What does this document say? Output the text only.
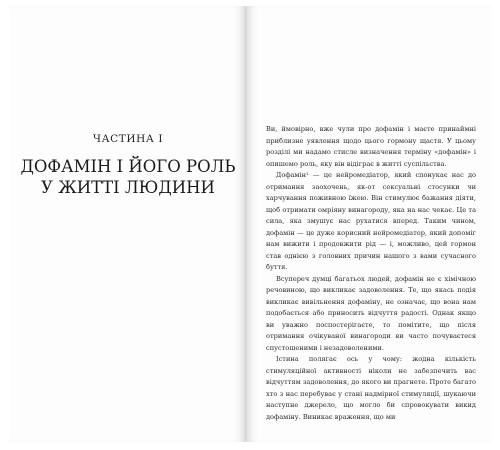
ЧАСТИНА І
ДОФАМІН І ЙОГО РОЛЬ
У ЖИТТІ ЛЮДИНИ

Ви, ймовірно, вже чули про дофамін і маєте принаймні приблизне уявлення щодо цього гормону щастя. У цьому розділі ми надамо стисле визначення терміну «дофамін» і опишемо роль, яку він відіграє в житті суспільства.

Дофамін¹ — це нейромедіатор, який спонукає нас до отримання заохочень, як-от сексуальні стосунки чи харчування поживною їжею. Він стимулює бажання діяти, щоб отримати омріяну винагороду, яка на нас чекає. Це та сила, яка змушує нас рухатися вперед. Таким чином, дофамін — це дуже корисний нейромедіатор, який допоміг нам вижити і продовжити рід — і, можливо, цей гормон став однією з головних причин нашого з вами сучасного буття.

Всупереч думці багатьох людей, дофамін не є хімічною речовиною, що викликає задоволення. Те, що якась подія викликає вивільнення дофаміну, не означає, що вона нам подобається або приносить відчуття радості. Однак якщо ви уважно поспостерігаєте, то помітите, що після отримання очікуваної винагороди ви часто почуваєтеся спустошеними і незадоволеними.

Істина полягає ось у чому: жодна кількість стимуляційної активності ніколи не забезпечить вас відчуттям задоволення, до якого ви прагнете. Проте багато хто з нас перебуває у стані надмірної стимуляції, шукаючи наступне джерело, що могло би спровокувати викид дофаміну. Виникає враження, що ми
